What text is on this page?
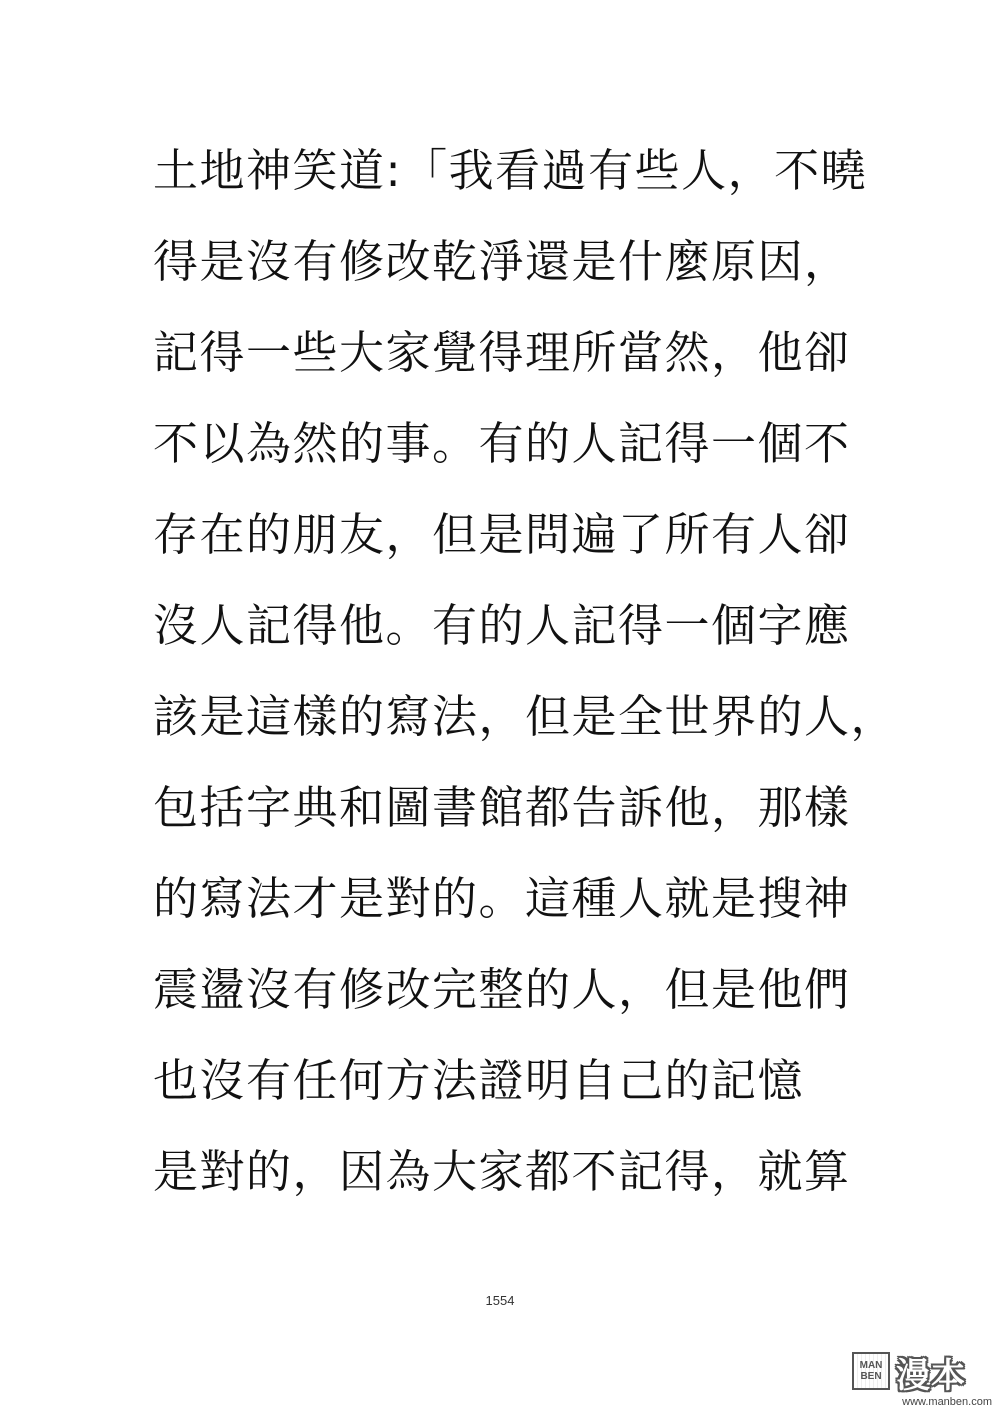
土地神笑道:「我看過有些人，不曉
得是沒有修改乾淨還是什麼原因，
記得一些大家覺得理所當然，他卻
不以為然的事。有的人記得一個不
存在的朋友，但是問遍了所有人卻
沒人記得他。有的人記得一個字應
該是這樣的寫法，但是全世界的人，
包括字典和圖書館都告訴他，那樣
的寫法才是對的。這種人就是搜神
震盪沒有修改完整的人，但是他們
也沒有任何方法證明自己的記憶
是對的，因為大家都不記得，就算
1554
MAN
BEN 漫本
www.manben.com
